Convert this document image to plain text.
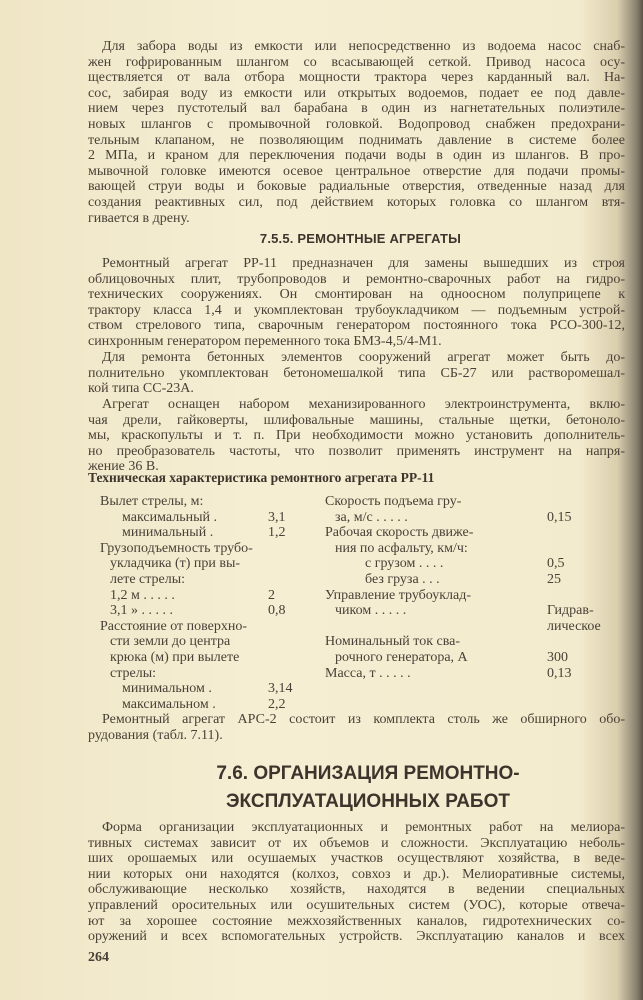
Для забора воды из емкости или непосредственно из водоема насос снаб-
жен гофрированным шлангом со всасывающей сеткой. Привод насоса осу-
ществляется от вала отбора мощности трактора через карданный вал. На-
сос, забирая воду из емкости или открытых водоемов, подает ее под давле-
нием через пустотелый вал барабана в один из нагнетательных полиэтиле-
новых шлангов с промывочной головкой. Водопровод снабжен предохрани-
тельным клапаном, не позволяющим поднимать давление в системе более
2 МПа, и краном для переключения подачи воды в один из шлангов. В про-
мывочной головке имеются осевое центральное отверстие для подачи промы-
вающей струи воды и боковые радиальные отверстия, отведенные назад для
создания реактивных сил, под действием которых головка со шлангом втя-
гивается в дрену.
7.5.5. РЕМОНТНЫЕ АГРЕГАТЫ
Ремонтный агрегат РР-11 предназначен для замены вышедших из строя
облицовочных плит, трубопроводов и ремонтно-сварочных работ на гидро-
технических сооружениях. Он смонтирован на одноосном полуприцепе к
трактору класса 1,4 и укомплектован трубоукладчиком — подъемным устрой-
ством стрелового типа, сварочным генератором постоянного тока РСО-300-12,
синхронным генератором переменного тока БМЗ-4,5/4-М1.
Для ремонта бетонных элементов сооружений агрегат может быть до-
полнительно укомплектован бетономешалкой типа СБ-27 или растворомешал-
кой типа СС-23А.
Агрегат оснащен набором механизированного электроинструмента, вклю-
чая дрели, гайковерты, шлифовальные машины, стальные щетки, бетоноло-
мы, краскопульты и т. п. При необходимости можно установить дополнитель-
но преобразователь частоты, что позволит применять инструмент на напря-
жение 36 В.
Техническая характеристика ремонтного агрегата РР-11
Вылет стрелы, м:
максимальный .	3,1
минимальный .	1,2
Грузоподъемность трубо-
укладчика (т) при вы-
лете стрелы:
1,2 м . . . . .	2
3,1 » . . . . .	0,8
Расстояние от поверхно-
сти земли до центра
крюка (м) при вылете
стрелы:
минимальном .	3,14
максимальном .	2,2
Скорость подъема гру-
за, м/с . . . . .	0,15
Рабочая скорость движе-
ния по асфальту, км/ч:
с грузом . . . .	0,5
без груза . . .	25
Управление трубоуклад-
чиком . . . . .	Гидрав-
лическое
Номинальный ток сва-
рочного генератора, А	300
Масса, т . . . . .	0,13
Ремонтный агрегат АРС-2 состоит из комплекта столь же обширного обо-
рудования (табл. 7.11).
7.6. ОРГАНИЗАЦИЯ РЕМОНТНО-
ЭКСПЛУАТАЦИОННЫХ РАБОТ
Форма организации эксплуатационных и ремонтных работ на мелиора-
тивных системах зависит от их объемов и сложности. Эксплуатацию неболь-
ших орошаемых или осушаемых участков осуществляют хозяйства, в веде-
нии которых они находятся (колхоз, совхоз и др.). Мелиоративные системы,
обслуживающие несколько хозяйств, находятся в ведении специальных
управлений оросительных или осушительных систем (УОС), которые отвеча-
ют за хорошее состояние межхозяйственных каналов, гидротехнических со-
оружений и всех вспомогательных устройств. Эксплуатацию каналов и всех
264
